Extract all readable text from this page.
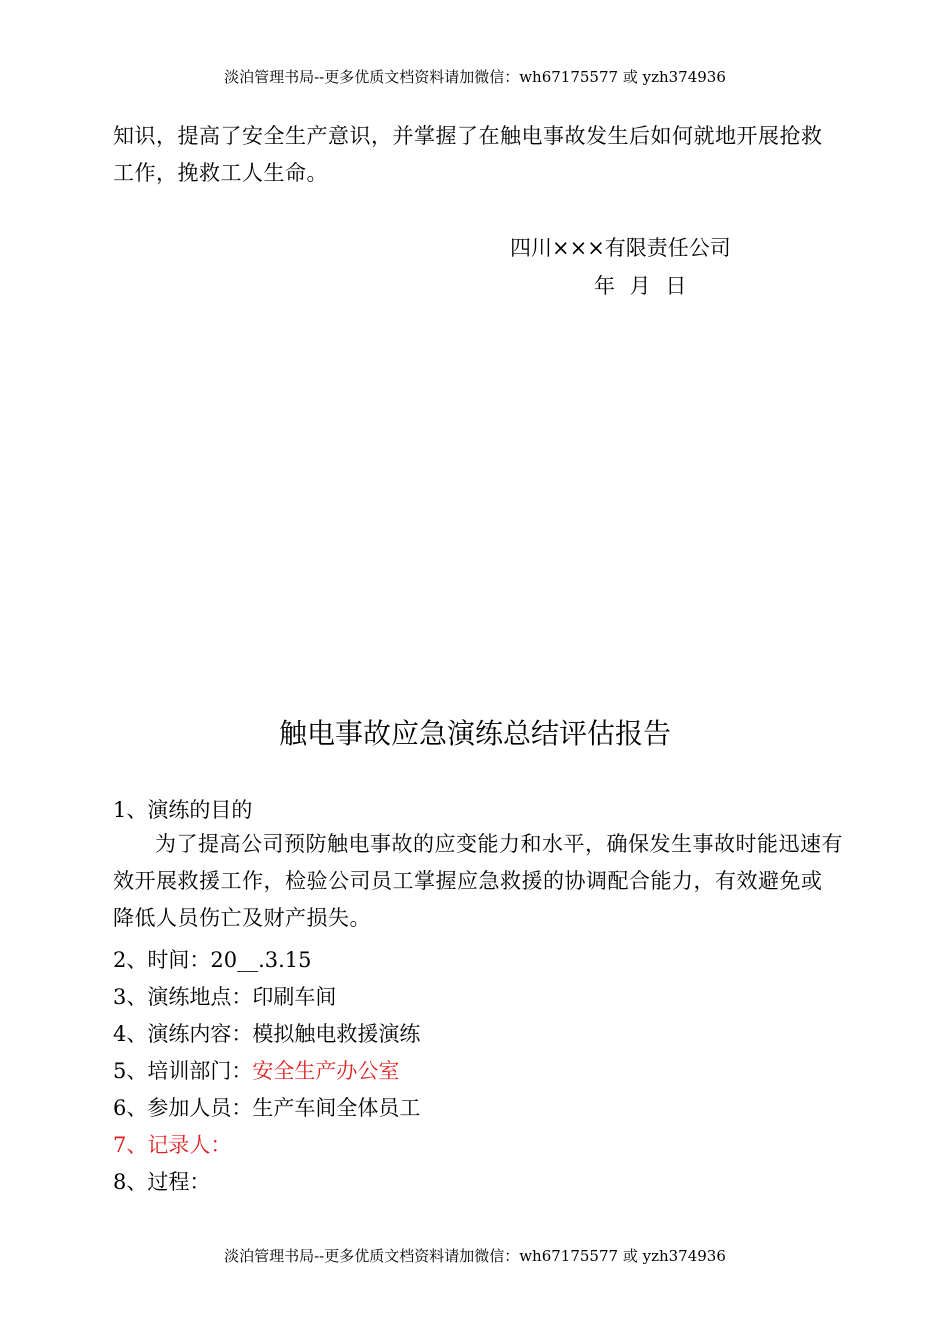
淡泊管理书局--更多优质文档资料请加微信：wh67175577 或 yzh374936
知识，提高了安全生产意识，并掌握了在触电事故发生后如何就地开展抢救工作，挽救工人生命。
四川×××有限责任公司
年 月 日
触电事故应急演练总结评估报告
1、演练的目的
为了提高公司预防触电事故的应变能力和水平，确保发生事故时能迅速有效开展救援工作，检验公司员工掌握应急救援的协调配合能力，有效避免或降低人员伤亡及财产损失。
2、时间：20__.3.15
3、演练地点：印刷车间
4、演练内容：模拟触电救援演练
5、培训部门：安全生产办公室
6、参加人员：生产车间全体员工
7、记录人：
8、过程：
淡泊管理书局--更多优质文档资料请加微信：wh67175577 或 yzh374936
